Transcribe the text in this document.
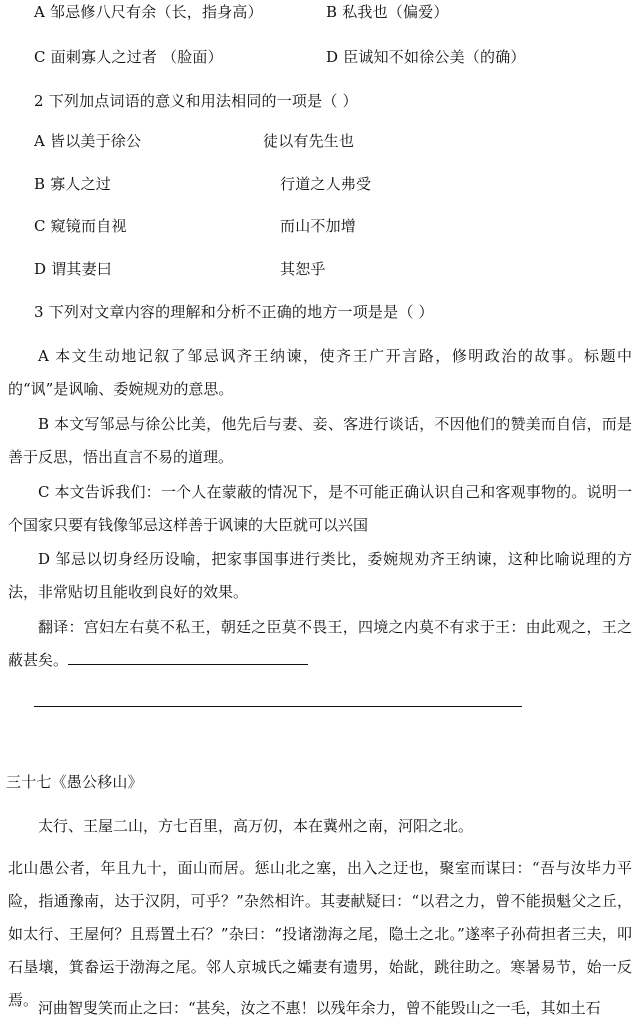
A 邹忌修八尺有余（长，指身高）	B 私我也（偏爱）
C 面刺寡人之过者 （脸面）	D 臣诚知不如徐公美（的确）
2 下列加点词语的意义和用法相同的一项是（ ）
A 皆以美于徐公	徒以有先生也
B 寡人之过	行道之人弗受
C 窥镜而自视	而山不加增
D 谓其妻曰	其恕乎
3 下列对文章内容的理解和分析不正确的地方一项是是（ ）
A 本文生动地记叙了邹忌讽齐王纳谏，使齐王广开言路，修明政治的故事。标题中的“讽”是讽喻、委婉规劝的意思。
B 本文写邹忌与徐公比美，他先后与妻、妾、客进行谈话，不因他们的赞美而自信，而是善于反思，悟出直言不易的道理。
C 本文告诉我们：一个人在蒙蔽的情况下，是不可能正确认识自己和客观事物的。说明一个国家只要有钱像邹忌这样善于讽谏的大臣就可以兴国
D 邹忌以切身经历设喻，把家事国事进行类比，委婉规劝齐王纳谏，这种比喻说理的方法，非常贴切且能收到良好的效果。
翻译：宫妇左右莫不私王，朝廷之臣莫不畏王，四境之内莫不有求于王：由此观之，王之蔽甚矣。
三十七《愚公移山》
太行、王屋二山，方七百里，高万仞，本在冀州之南，河阳之北。
北山愚公者，年且九十，面山而居。惩山北之塞，出入之迂也，聚室而谋曰：“吾与汝毕力平险，指通豫南，达于汉阴，可乎？”杂然相许。其妻献疑曰：“以君之力，曾不能损魁父之丘，如太行、王屋何？且焉置土石？”杂曰：“投诸渤海之尾，隐土之北。”遂率子孙荷担者三夫，叩石垦壤，箕畚运于渤海之尾。邻人京城氏之孀妻有遗男，始龀，跳往助之。寒暑易节，始一反焉。 河曲智叟笑而止之曰：“甚矣，汝之不惠！以残年余力，曾不能毁山之一毛，其如土石
